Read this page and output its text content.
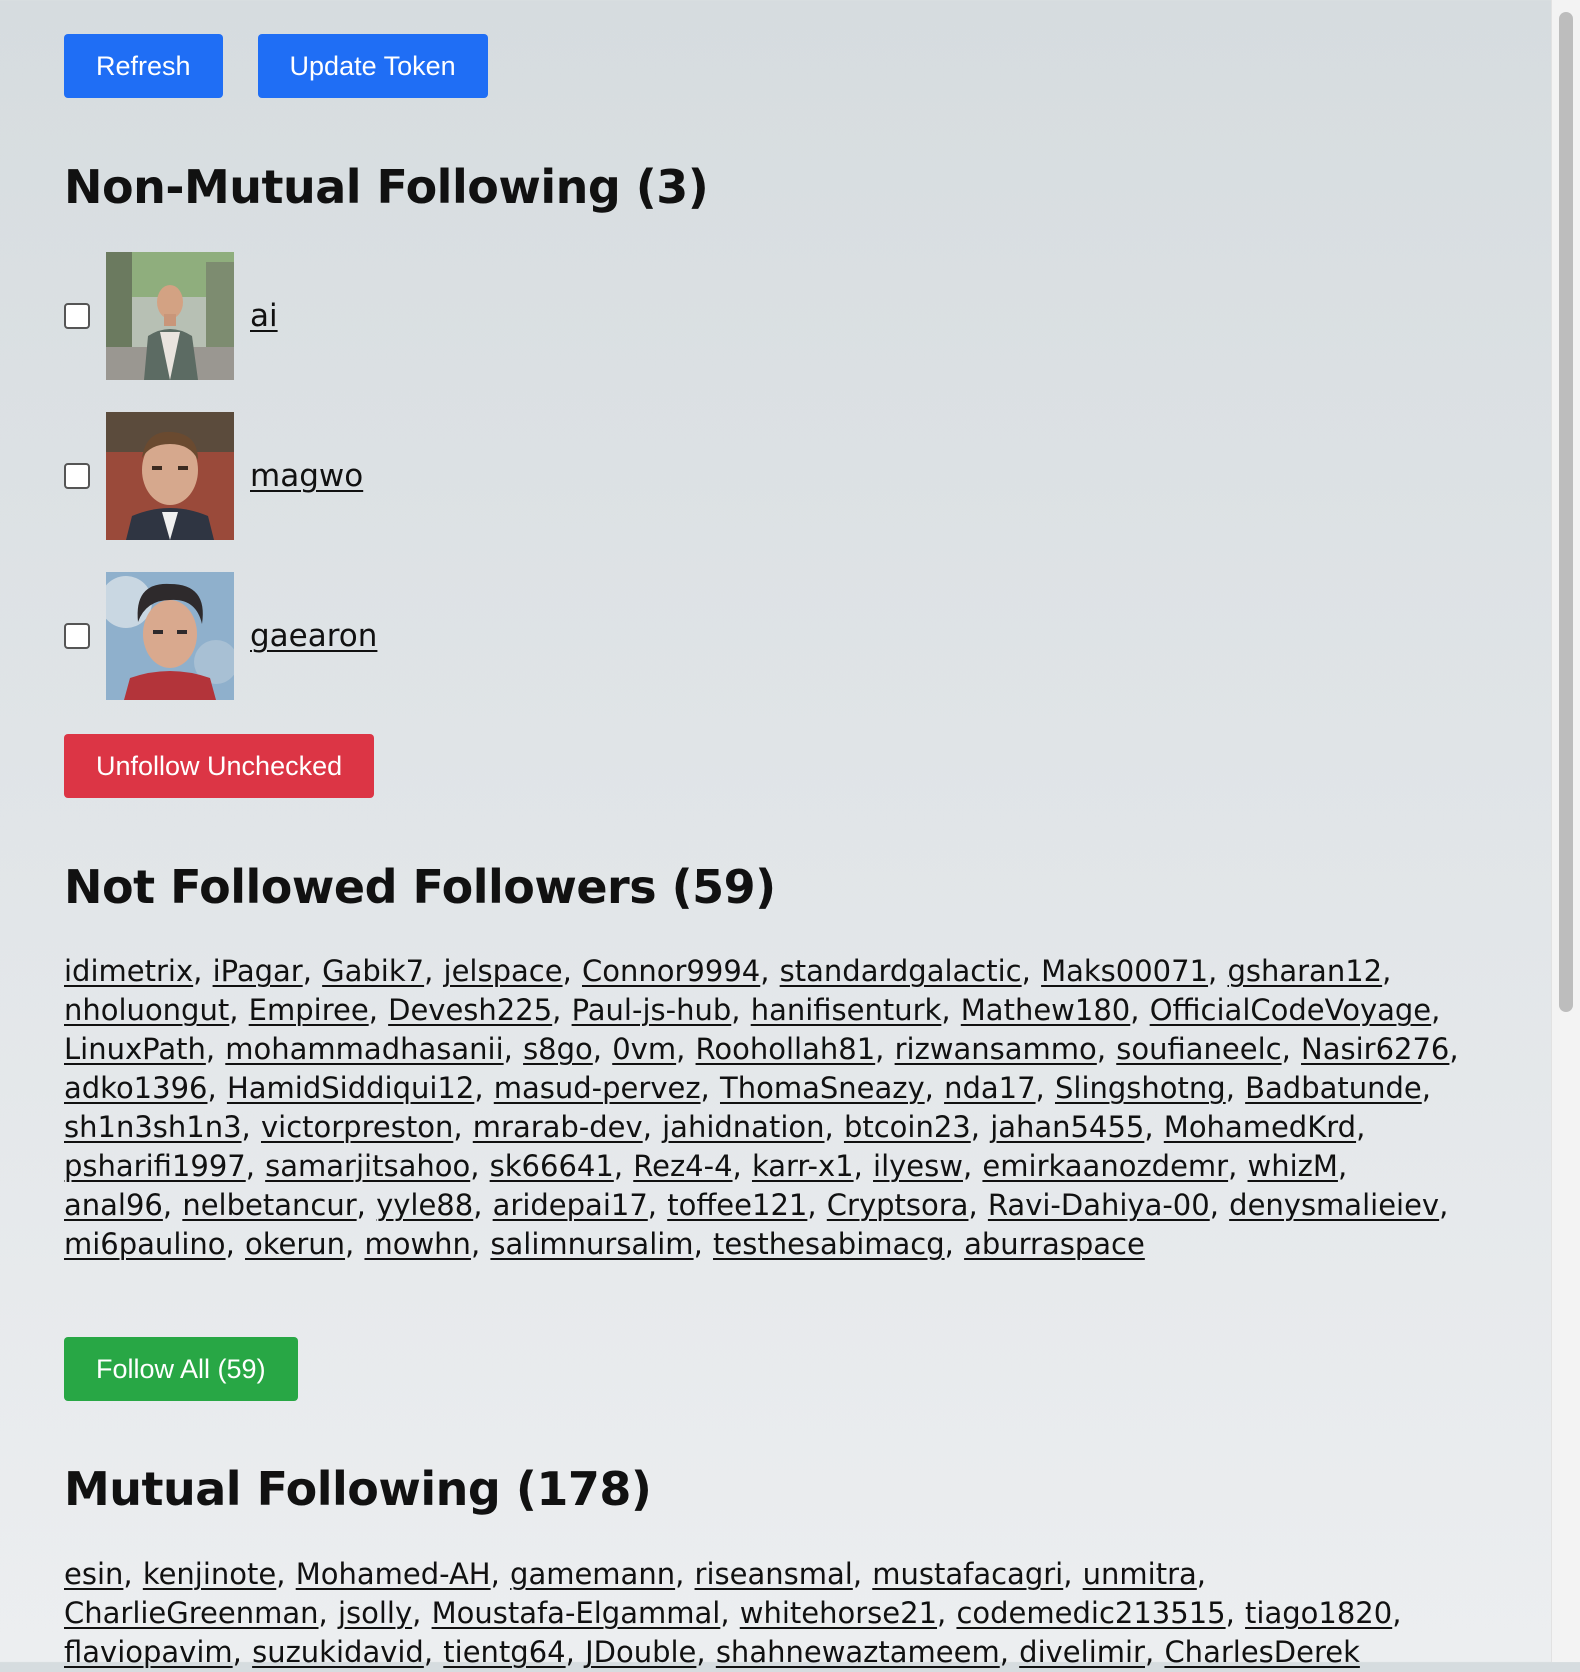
Refresh	Update Token
Non-Mutual Following (3)
ai
magwo
gaearon
Unfollow Unchecked
Not Followed Followers (59)
idimetrix, iPagar, Gabik7, jelspace, Connor9994, standardgalactic, Maks00071, gsharan12, nholuongut, Empiree, Devesh225, Paul-js-hub, hanifisenturk, Mathew180, OfficialCodeVoyage, LinuxPath, mohammadhasanii, s8go, 0vm, Roohollah81, rizwansammo, soufianeelc, Nasir6276, adko1396, HamidSiddiqui12, masud-pervez, ThomaSneazy, nda17, Slingshotng, Badbatunde, sh1n3sh1n3, victorpreston, mrarab-dev, jahidnation, btcoin23, jahan5455, MohamedKrd, psharifi1997, samarjitsahoo, sk66641, Rez4-4, karr-x1, ilyesw, emirkaanozdemr, whizM, anal96, nelbetancur, yyle88, aridepai17, toffee121, Cryptsora, Ravi-Dahiya-00, denysmalieiev, mi6paulino, okerun, mowhn, salimnursalim, testhesabimacg, aburraspace
Follow All (59)
Mutual Following (178)
esin, kenjinote, Mohamed-AH, gamemann, riseansmal, mustafacagri, unmitra, CharlieGreenman, jsolly, Moustafa-Elgammal, whitehorse21, codemedic213515, tiago1820, flaviopavim, suzukidavid, tientg64, JDouble, shahnewaztameem, divelimir, CharlesDerek
